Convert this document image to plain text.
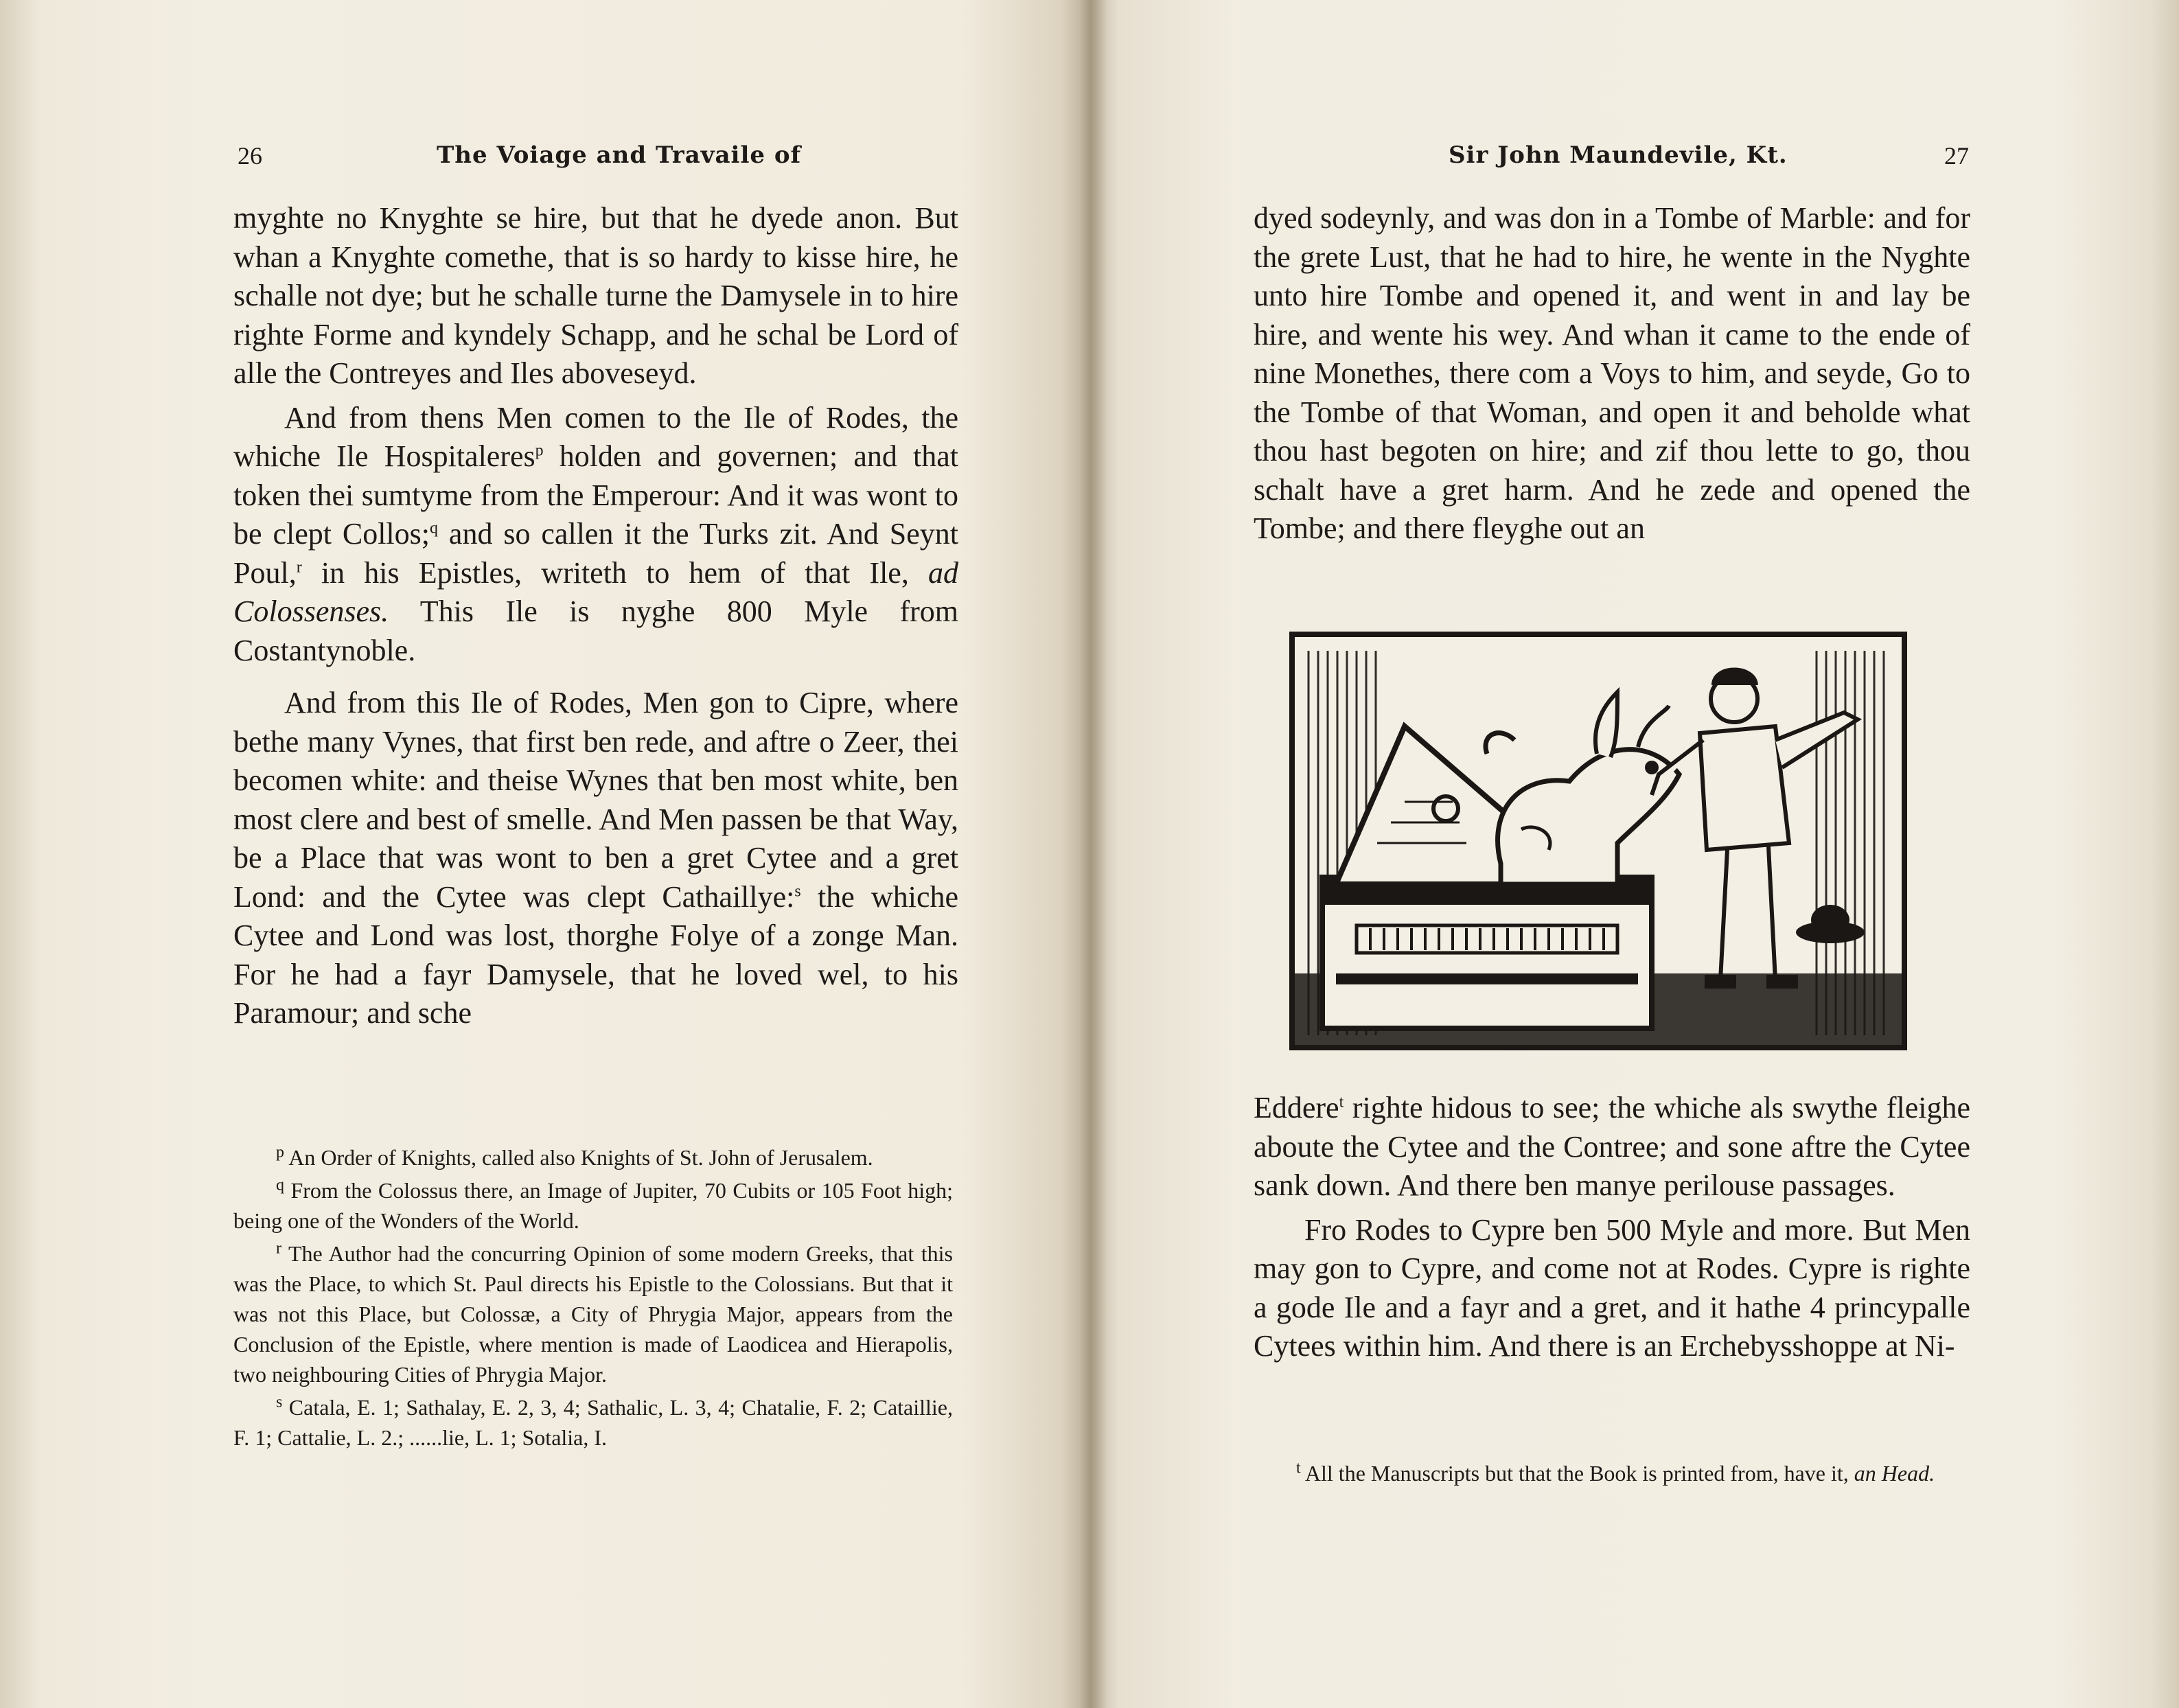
26	The Voiage and Travaile of

myghte no Knyghte se hire, but that he dyede anon. But whan a Knyghte comethe, that is so hardy to kisse hire, he schalle not dye; but he schalle turne the Damysele in to hire righte Forme and kyndely Schapp, and he schal be Lord of alle the Contreyes and Iles aboveseyd.

And from thens Men comen to the Ile of Rodes, the whiche Ile Hospitaleres$^p$ holden and governen; and that token thei sumtyme from the Emperour: And it was wont to be clept Collos;$^q$ and so callen it the Turks zit. And Seynt Poul,$^r$ in his Epistles, writeth to hem of that Ile, ad Colossenses. This Ile is nyghe 800 Myle from Costantynoble.

And from this Ile of Rodes, Men gon to Cipre, where bethe many Vynes, that first ben rede, and aftre o Zeer, thei becomen white: and theise Wynes that ben most white, ben most clere and best of smelle. And Men passen be that Way, be a Place that was wont to ben a gret Cytee and a gret Lond: and the Cytee was clept Cathaillye:$^s$ the whiche Cytee and Lond was lost, thorghe Folye of a zonge Man. For he had a fayr Damysele, that he loved wel, to his Paramour; and sche

$^p$ An Order of Knights, called also Knights of St. John of Jerusalem.

$^q$ From the Colossus there, an Image of Jupiter, 70 Cubits or 105 Foot high; being one of the Wonders of the World.

$^r$ The Author had the concurring Opinion of some modern Greeks, that this was the Place, to which St. Paul directs his Epistle to the Colossians. But that it was not this Place, but Colossæ, a City of Phrygia Major, appears from the Conclusion of the Epistle, where mention is made of Laodicea and Hierapolis, two neighbouring Cities of Phrygia Major.

$^s$ Catala, E. 1; Sathalay, E. 2, 3, 4; Sathalic, L. 3, 4; Chatalie, F. 2; Cataillie, F. 1; Cattalie, L. 2.; ......lie, L. 1; Sotalia, I.

Sir John Maundevile, Kt.	27

dyed sodeynly, and was don in a Tombe of Marble: and for the grete Lust, that he had to hire, he wente in the Nyghte unto hire Tombe and opened it, and went in and lay be hire, and wente his wey. And whan it came to the ende of nine Monethes, there com a Voys to him, and seyde, Go to the Tombe of that Woman, and open it and beholde what thou hast begoten on hire; and zif thou lette to go, thou schalt have a gret harm. And he zede and opened the Tombe; and there fleyghe out an

Eddere$^t$ righte hidous to see; the whiche als swythe fleighe aboute the Cytee and the Contree; and sone aftre the Cytee sank down. And there ben manye perilouse passages.

Fro Rodes to Cypre ben 500 Myle and more. But Men may gon to Cypre, and come not at Rodes. Cypre is righte a gode Ile and a fayr and a gret, and it hathe 4 princypalle Cytees within him. And there is an Erchebysshoppe at Ni-

$^t$ All the Manuscripts but that the Book is printed from, have it, an Head.
